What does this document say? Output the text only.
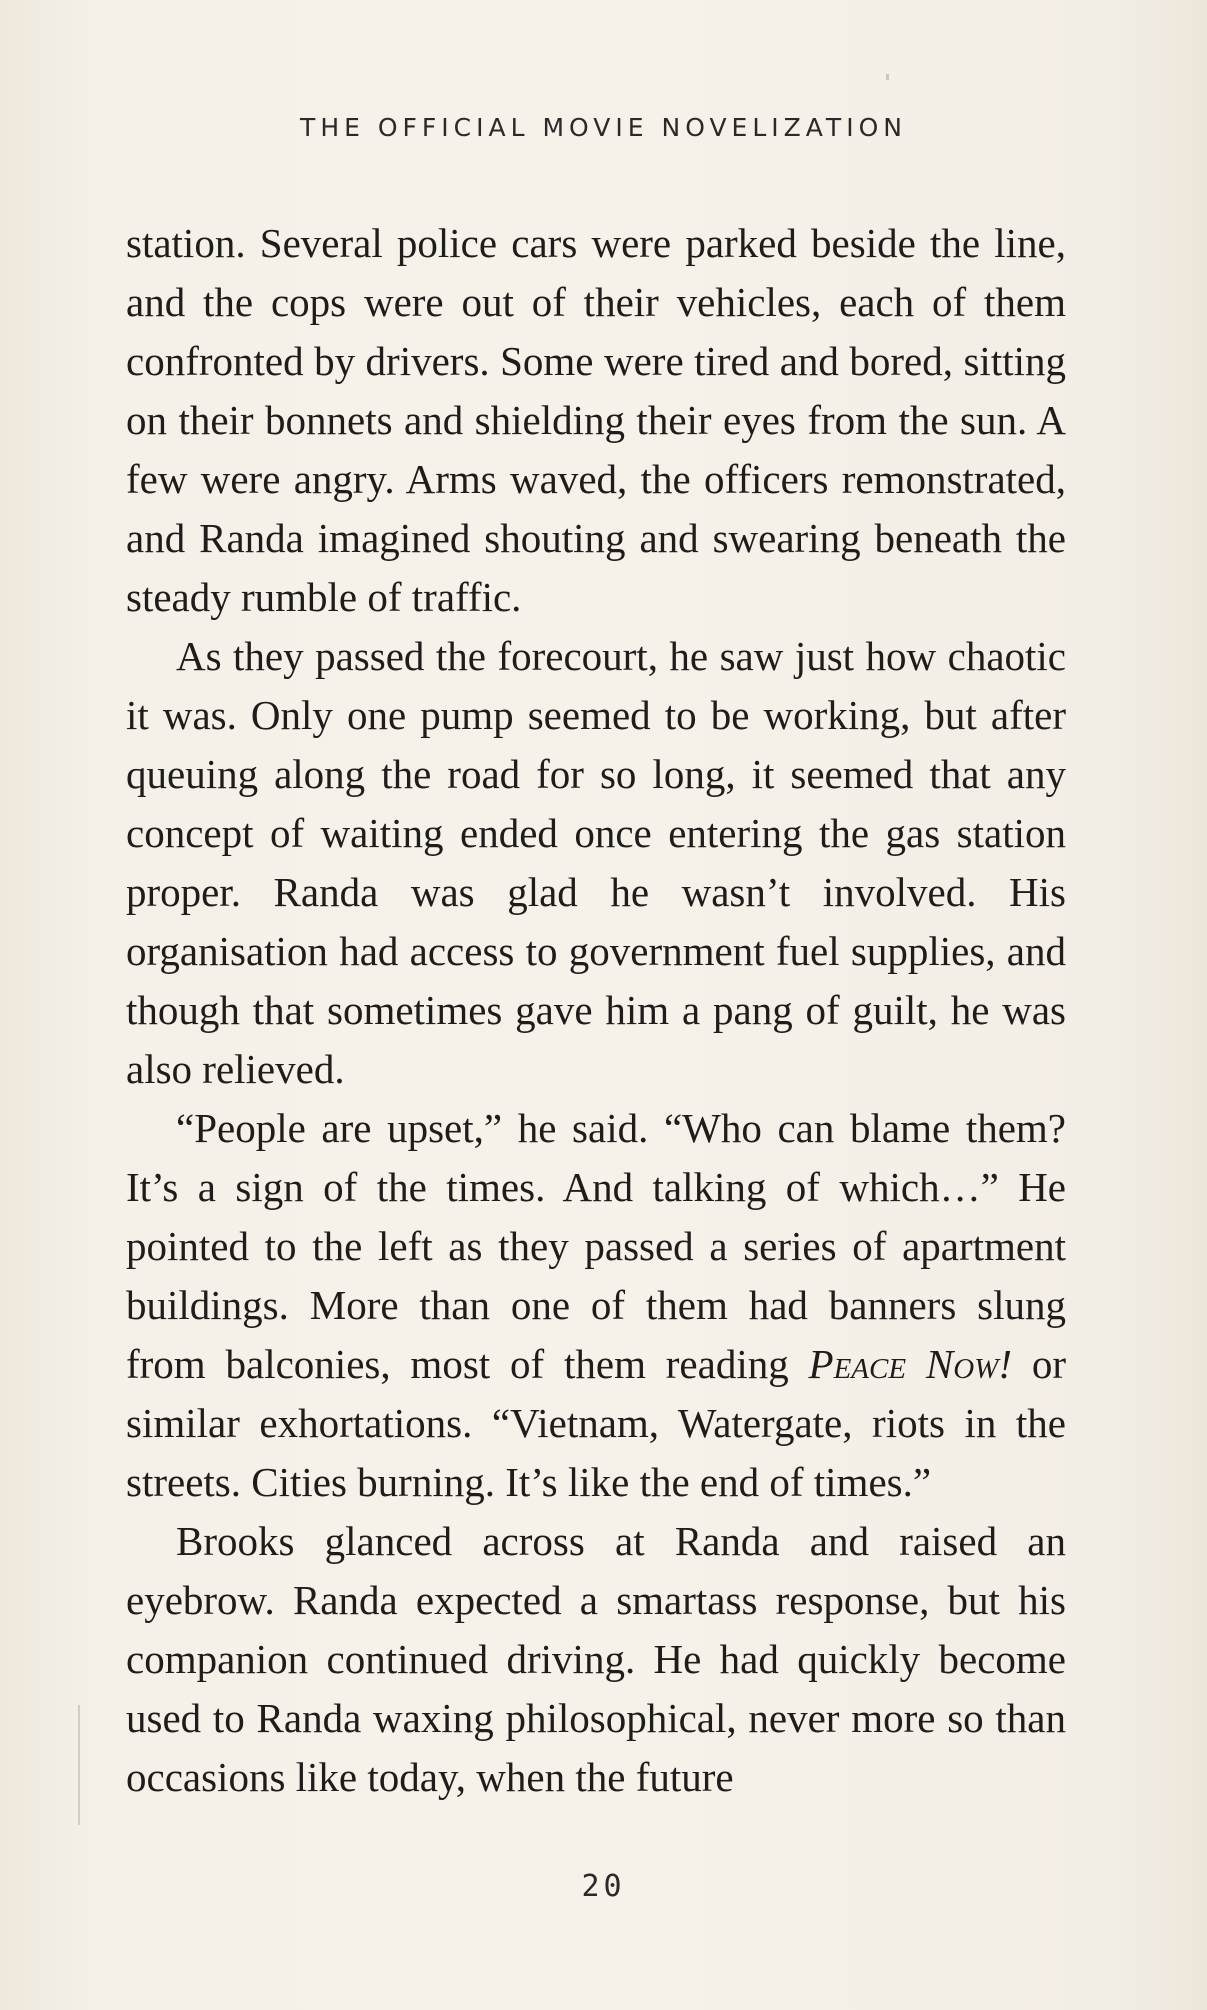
THE OFFICIAL MOVIE NOVELIZATION

station. Several police cars were parked beside the line, and the cops were out of their vehicles, each of them confronted by drivers. Some were tired and bored, sitting on their bonnets and shielding their eyes from the sun. A few were angry. Arms waved, the officers remonstrated, and Randa imagined shouting and swearing beneath the steady rumble of traffic.

As they passed the forecourt, he saw just how chaotic it was. Only one pump seemed to be working, but after queuing along the road for so long, it seemed that any concept of waiting ended once entering the gas station proper. Randa was glad he wasn’t involved. His organisation had access to government fuel supplies, and though that sometimes gave him a pang of guilt, he was also relieved.

“People are upset,” he said. “Who can blame them? It’s a sign of the times. And talking of which…” He pointed to the left as they passed a series of apartment buildings. More than one of them had banners slung from balconies, most of them reading Peace Now! or similar exhortations. “Vietnam, Watergate, riots in the streets. Cities burning. It’s like the end of times.”

Brooks glanced across at Randa and raised an eyebrow. Randa expected a smartass response, but his companion continued driving. He had quickly become used to Randa waxing philosophical, never more so than occasions like today, when the future

20
